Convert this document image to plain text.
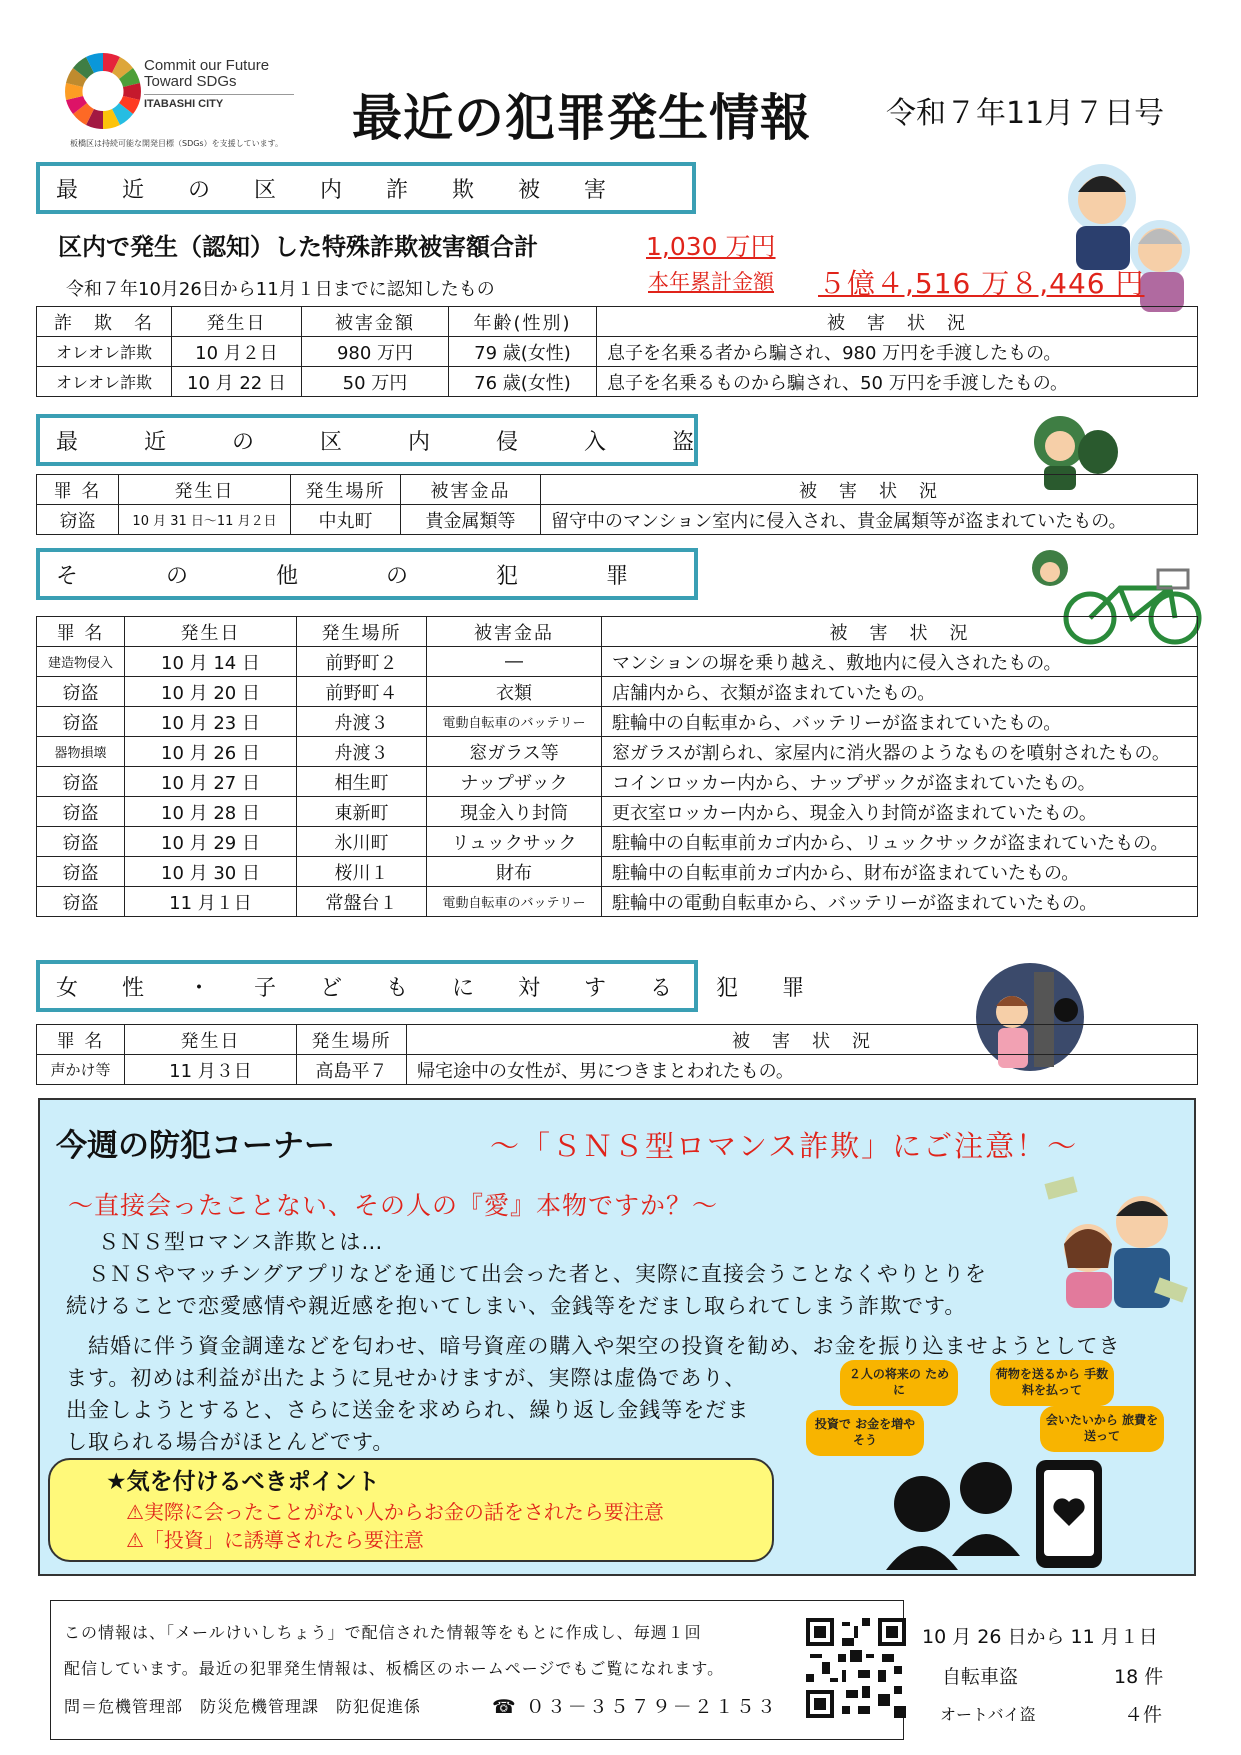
Commit our Future
Toward SDGs
ITABASHI CITY
板橋区は持続可能な開発目標（SDGs）を支援しています。 最近の犯罪発生情報	令和７年11月７日号
最　　近　　の　　区　　内　　詐　　欺　　被　　害
区内で発生（認知）した特殊詐欺被害額合計	1,030 万円
本年累計金額 ５億４,516 万８,446 円
令和７年10月26日から11月１日までに認知したもの
詐　欺　名	発生日	被害金額	年齢(性別)	被　害　状　況
オレオレ詐欺	10 月２日	980 万円	79 歳(女性)	息子を名乗る者から騙され、980 万円を手渡したもの。
オレオレ詐欺	10 月 22 日	50 万円	76 歳(女性)	息子を名乗るものから騙され、50 万円を手渡したもの。
最　　　近　　　の　　　区　　　内　　　侵　　　入　　　盗
罪 名	発生日	発生場所	被害金品	被　害　状　況
窃盗	10 月 31 日～11 月２日	中丸町	貴金属類等	留守中のマンション室内に侵入され、貴金属類等が盗まれていたもの。
そ　　　　の　　　　他　　　　の　　　　犯　　　　罪
罪 名	発生日	発生場所	被害金品	被　害　状　況
建造物侵入	10 月 14 日	前野町２	―	マンションの塀を乗り越え、敷地内に侵入されたもの。
窃盗	10 月 20 日	前野町４	衣類	店舗内から、衣類が盗まれていたもの。
窃盗	10 月 23 日	舟渡３	電動自転車のバッテリー	駐輪中の自転車から、バッテリーが盗まれていたもの。
器物損壊	10 月 26 日	舟渡３	窓ガラス等	窓ガラスが割られ、家屋内に消火器のようなものを噴射されたもの。
窃盗	10 月 27 日	相生町	ナップザック	コインロッカー内から、ナップザックが盗まれていたもの。
窃盗	10 月 28 日	東新町	現金入り封筒	更衣室ロッカー内から、現金入り封筒が盗まれていたもの。
窃盗	10 月 29 日	氷川町	リュックサック	駐輪中の自転車前カゴ内から、リュックサックが盗まれていたもの。
窃盗	10 月 30 日	桜川１	財布	駐輪中の自転車前カゴ内から、財布が盗まれていたもの。
窃盗	11 月１日	常盤台１	電動自転車のバッテリー	駐輪中の電動自転車から、バッテリーが盗まれていたもの。
女　　性　　・　　子　　ど　　も　　に　　対　　す　　る　　犯　　罪
罪 名	発生日	発生場所	被　害　状　況
声かけ等	11 月３日	高島平７	帰宅途中の女性が、男につきまとわれたもの。
今週の防犯コーナー	～「ＳＮＳ型ロマンス詐欺」にご注意！～
～直接会ったことない、その人の『愛』本物ですか？～
ＳＮＳ型ロマンス詐欺とは…
ＳＮＳやマッチングアプリなどを通じて出会った者と、実際に直接会うことなくやりとりを
続けることで恋愛感情や親近感を抱いてしまい、金銭等をだまし取られてしまう詐欺です。
結婚に伴う資金調達などを匂わせ、暗号資産の購入や架空の投資を勧め、お金を振り込ませようとしてき
ます。初めは利益が出たように見せかけますが、実際は虚偽であり、
出金しようとすると、さらに送金を求められ、繰り返し金銭等をだま
し取られる場合がほとんどです。
２人の将来の ために
荷物を送るから 手数料を払って
投資で お金を増やそう
会いたいから 旅費を送って
★気を付けるべきポイント
⚠実際に会ったことがない人からお金の話をされたら要注意
⚠「投資」に誘導されたら要注意
この情報は、「メールけいしちょう」で配信された情報等をもとに作成し、毎週１回
配信しています。最近の犯罪発生情報は、板橋区のホームページでもご覧になれます。
問＝危機管理部　防災危機管理課　防犯促進係	☎ ０３－３５７９－２１５３
10 月 26 日から 11 月１日
自転車盗	18 件
オートバイ盗	４件
